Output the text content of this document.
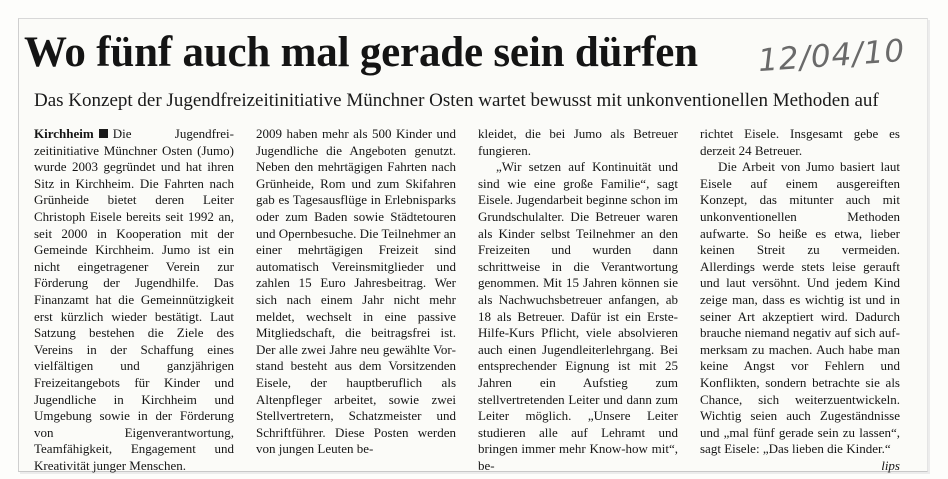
Wo fünf auch mal gerade sein dürfen 12/04/10
Das Konzept der Jugendfreizeitinitiative Münchner Osten wartet bewusst mit unkonventionellen Methoden auf

Kirchheim Die Jugendfreizeitinitiative Münchner Osten (Jumo) wurde 2003 gegründet und hat ihren Sitz in Kirchheim. Die Fahrten nach Grünheide bietet deren Leiter Christoph Eisele bereits seit 1992 an, seit 2000 in Kooperation mit der Gemeinde Kirchheim. Jumo ist ein nicht eingetragener Verein zur Förderung der Jugendhilfe. Das Finanzamt hat die Gemeinnützigkeit erst kürzlich wieder bestätigt. Laut Satzung bestehen die Ziele des Vereins in der Schaffung eines vielfältigen und ganzjährigen Freizeitangebots für Kinder und Jugendliche in Kirchheim und Umgebung sowie in der Förderung von Eigenverantwortung, Teamfähigkeit, Engagement und Kreativität junger Menschen.

2009 haben mehr als 500 Kinder und Jugendliche die Angeboten genutzt. Neben den mehrtägigen Fahrten nach Grünheide, Rom und zum Skifahren gab es Tagesausflüge in Erlebnisparks oder zum Baden sowie Städtetouren und Opernbesuche. Die Teilnehmer an einer mehrtägigen Freizeit sind automatisch Vereinsmitglieder und zahlen 15 Euro Jahresbeitrag. Wer sich nach einem Jahr nicht mehr meldet, wechselt in eine passive Mitgliedschaft, die beitragsfrei ist. Der alle zwei Jahre neu gewählte Vorstand besteht aus dem Vorsitzenden Eisele, der hauptberuflich als Altenpfleger arbeitet, sowie zwei Stellvertretern, Schatzmeister und Schriftführer. Diese Posten werden von jungen Leuten be-

kleidet, die bei Jumo als Betreuer fungieren.

„Wir setzen auf Kontinuität und sind wie eine große Familie“, sagt Eisele. Jugendarbeit beginne schon im Grundschulalter. Die Betreuer waren als Kinder selbst Teilnehmer an den Freizeiten und wurden dann schrittweise in die Verantwortung genommen. Mit 15 Jahren können sie als Nachwuchsbetreuer anfangen, ab 18 als Betreuer. Dafür ist ein Erste-Hilfe-Kurs Pflicht, viele absolvieren auch einen Jugendleiterlehrgang. Bei entsprechender Eignung ist mit 25 Jahren ein Aufstieg zum stellvertretenden Leiter und dann zum Leiter möglich. „Unsere Leiter studieren alle auf Lehramt und bringen immer mehr Know-how mit“, be-

richtet Eisele. Insgesamt gebe es derzeit 24 Betreuer.

Die Arbeit von Jumo basiert laut Eisele auf einem ausgereiften Konzept, das mitunter auch mit unkonventionellen Methoden aufwarte. So heiße es etwa, lieber keinen Streit zu vermeiden. Allerdings werde stets leise gerauft und laut versöhnt. Und jedem Kind zeige man, dass es wichtig ist und in seiner Art akzeptiert wird. Dadurch brauche niemand negativ auf sich aufmerksam zu machen. Auch habe man keine Angst vor Fehlern und Konflikten, sondern betrachte sie als Chance, sich weiterzuentwickeln. Wichtig seien auch Zugeständnisse und „mal fünf gerade sein zu lassen“, sagt Eisele: „Das lieben die Kinder.“
lips
